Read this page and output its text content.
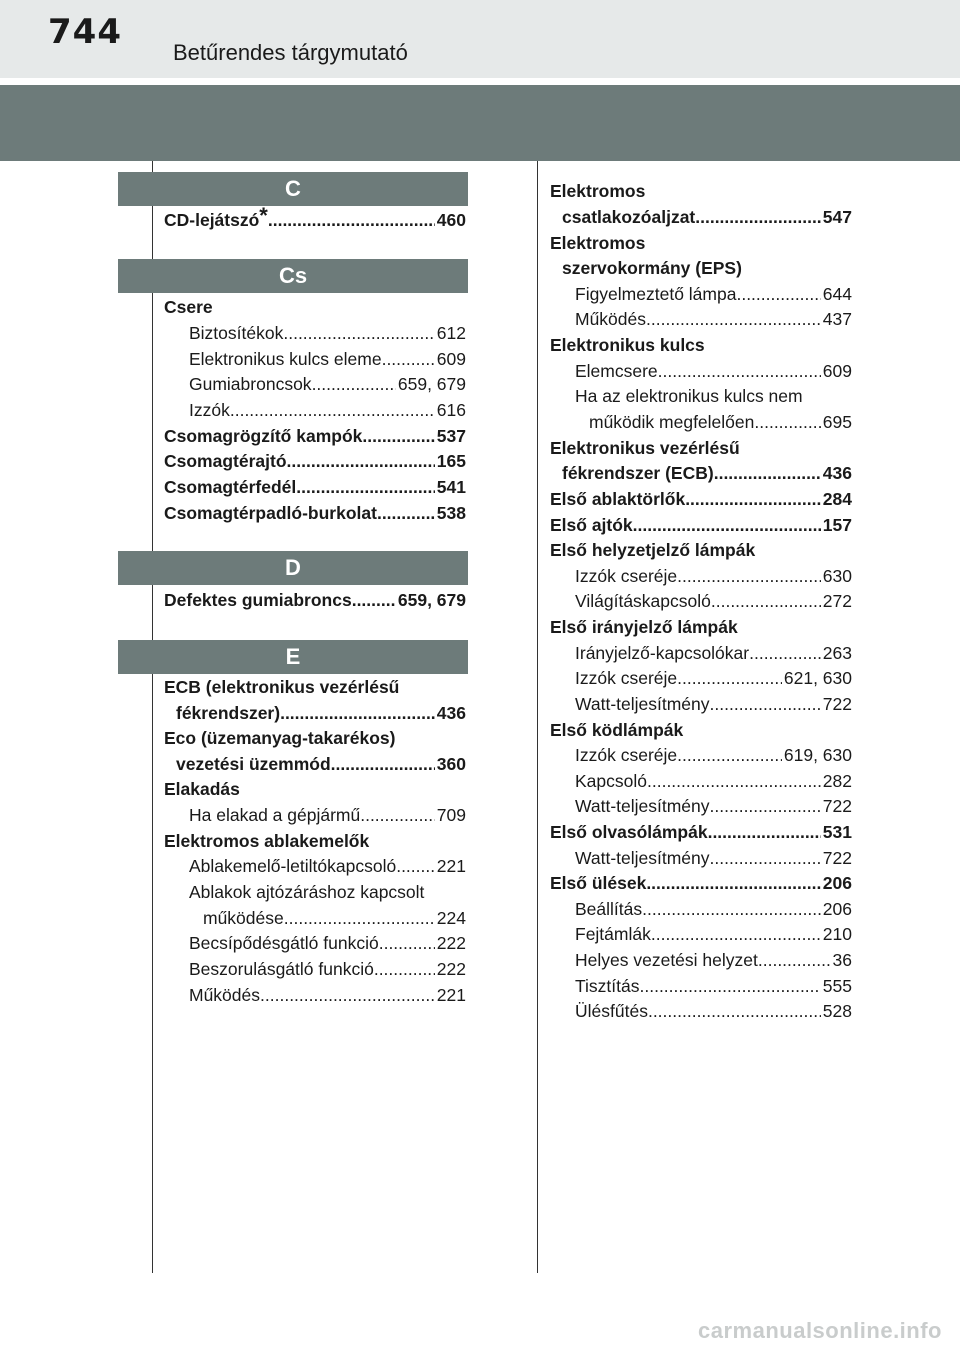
744
Betűrendes tárgymutató
C
Cs
D
E
CD-lejátszó* .....	460
Csere
Biztosítékok .....	612
Elektronikus kulcs eleme .....	609
Gumiabroncsok .....	659, 679
Izzók .....	616
Csomagrögzítő kampók .....	537
Csomagtérajtó .....	165
Csomagtérfedél .....	541
Csomagtérpadló-burkolat .....	538
Defektes gumiabroncs .....	659, 679
ECB (elektronikus vezérlésű
fékrendszer) .....	436
Eco (üzemanyag-takarékos)
vezetési üzemmód .....	360
Elakadás
Ha elakad a gépjármű .....	709
Elektromos ablakemelők
Ablakemelő-letiltókapcsoló ..... 221
Ablakok ajtózáráshoz kapcsolt
működése .....	224
Becsípődésgátló funkció .....	222
Beszorulásgátló funkció .....	222
Működés .....	221
Elektromos
csatlakozóaljzat .....	547
Elektromos
szervokormány (EPS)
Figyelmeztető lámpa .....	644
Működés .....	437
Elektronikus kulcs
Elemcsere .....	609
Ha az elektronikus kulcs nem
működik megfelelően .....	695
Elektronikus vezérlésű
fékrendszer (ECB) .....	436
Első ablaktörlők .....	284
Első ajtók .....	157
Első helyzetjelző lámpák
Izzók cseréje .....	630
Világításkapcsoló .....	272
Első irányjelző lámpák
Irányjelző-kapcsolókar .....	263
Izzók cseréje .....	621, 630
Watt-teljesítmény .....	722
Első ködlámpák
Izzók cseréje .....	619, 630
Kapcsoló .....	282
Watt-teljesítmény .....	722
Első olvasólámpák .....	531
Watt-teljesítmény .....	722
Első ülések .....	206
Beállítás .....	206
Fejtámlák .....	210
Helyes vezetési helyzet .....	36
Tisztítás .....	555
Ülésfűtés .....	528
carmanualsonline.info
